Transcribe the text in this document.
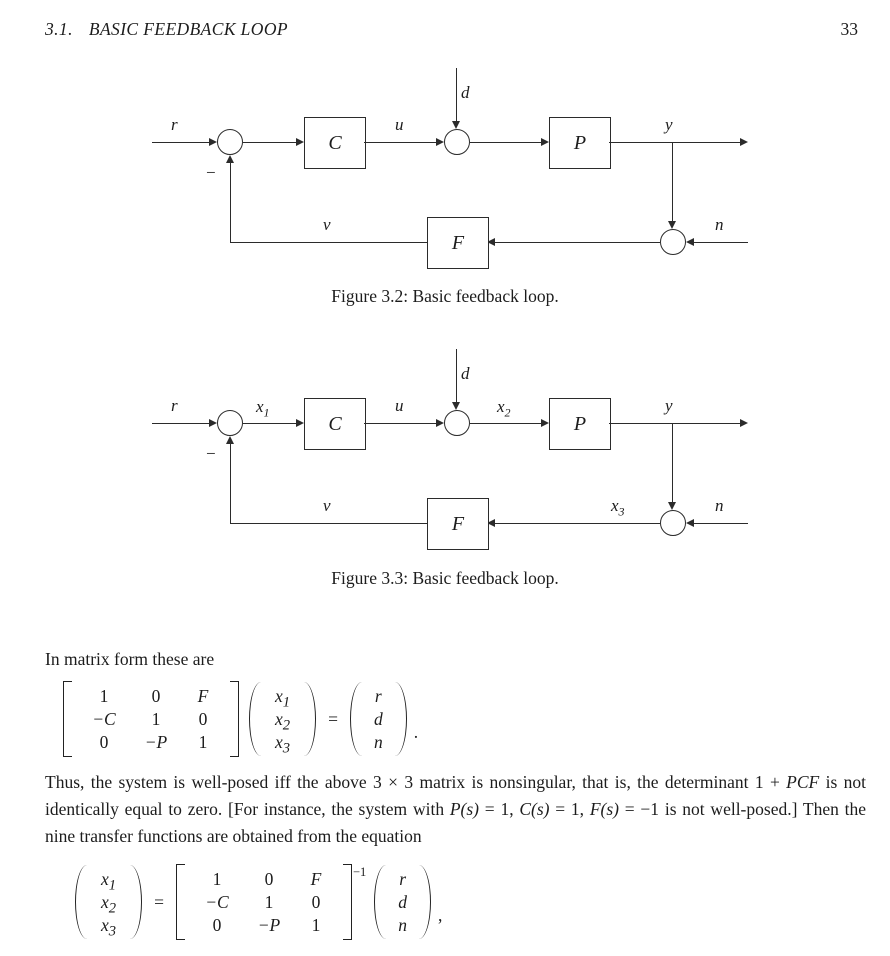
3.1. BASIC FEEDBACK LOOP	33
C	P
F
r	u
d
y
n
v
−
Figure 3.2: Basic feedback loop.
C	P
F
r	$x_1$	u
d
$x_2$	y
$x_3$	n
v
−
Figure 3.3: Basic feedback loop.
In matrix form these are
1	0	F
−C	1	0
0	−P	1
$x_1$
$x_2$
$x_3$
=
r
d
n .
Thus, the system is well-posed iff the above 3 × 3 matrix is nonsingular, that is, the determinant 1 + PCF is not identically equal to zero. [For instance, the system with P(s) = 1, C(s) = 1, F(s) = −1 is not well-posed.] Then the nine transfer functions are obtained from the equation
$x_1$
$x_2$
$x_3$
=
1	0	F
−C	1	0
0	−P	1
−1 r
d
n ,
